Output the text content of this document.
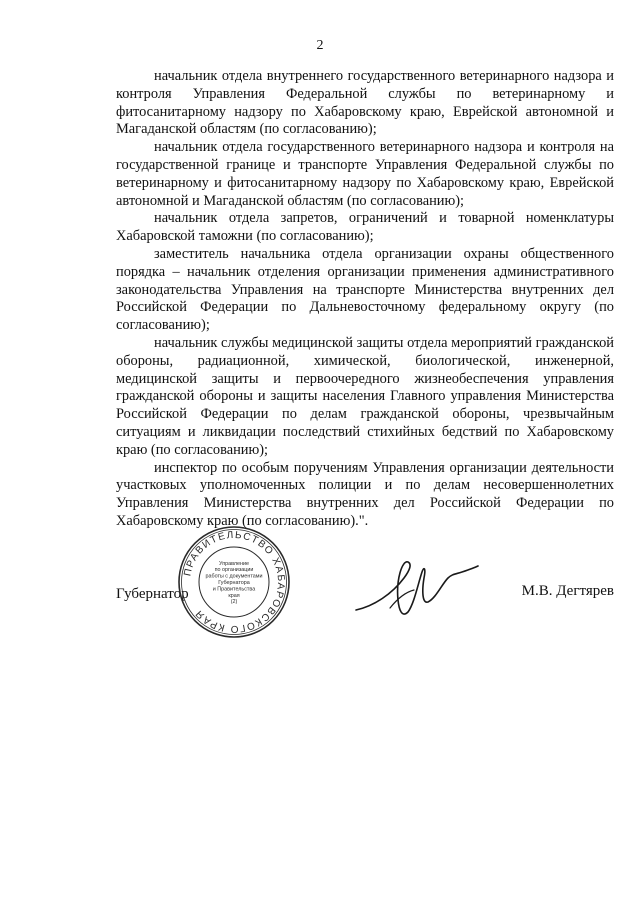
2

начальник отдела внутреннего государственного ветеринарного надзора и контроля Управления Федеральной службы по ветеринарному и фитосанитарному надзору по Хабаровскому краю, Еврейской автономной и Магаданской областям (по согласованию);

начальник отдела государственного ветеринарного надзора и контроля на государственной границе и транспорте Управления Федеральной службы по ветеринарному и фитосанитарному надзору по Хабаровскому краю, Еврейской автономной и Магаданской областям (по согласованию);

начальник отдела запретов, ограничений и товарной номенклатуры Хабаровской таможни (по согласованию);

заместитель начальника отдела организации охраны общественного порядка – начальник отделения организации применения административного законодательства Управления на транспорте Министерства внутренних дел Российской Федерации по Дальневосточному федеральному округу (по согласованию);

начальник службы медицинской защиты отдела мероприятий гражданской обороны, радиационной, химической, биологической, инженерной, медицинской защиты и первоочередного жизнеобеспечения управления гражданской обороны и защиты населения Главного управления Министерства Российской Федерации по делам гражданской обороны, чрезвычайным ситуациям и ликвидации последствий стихийных бедствий по Хабаровскому краю (по согласованию);

инспектор по особым поручениям Управления организации деятельности участковых уполномоченных полиции и по делам несовершеннолетних Управления Министерства внутренних дел Российской Федерации по Хабаровскому краю (по согласованию).".

Губернатор
ПРАВИТЕЛЬСТВО ХАБАРОВСКОГО КРАЯ
Управление
по организации
работы с документами
Губернатора
и Правительства
края
(2)
М.В. Дегтярев
